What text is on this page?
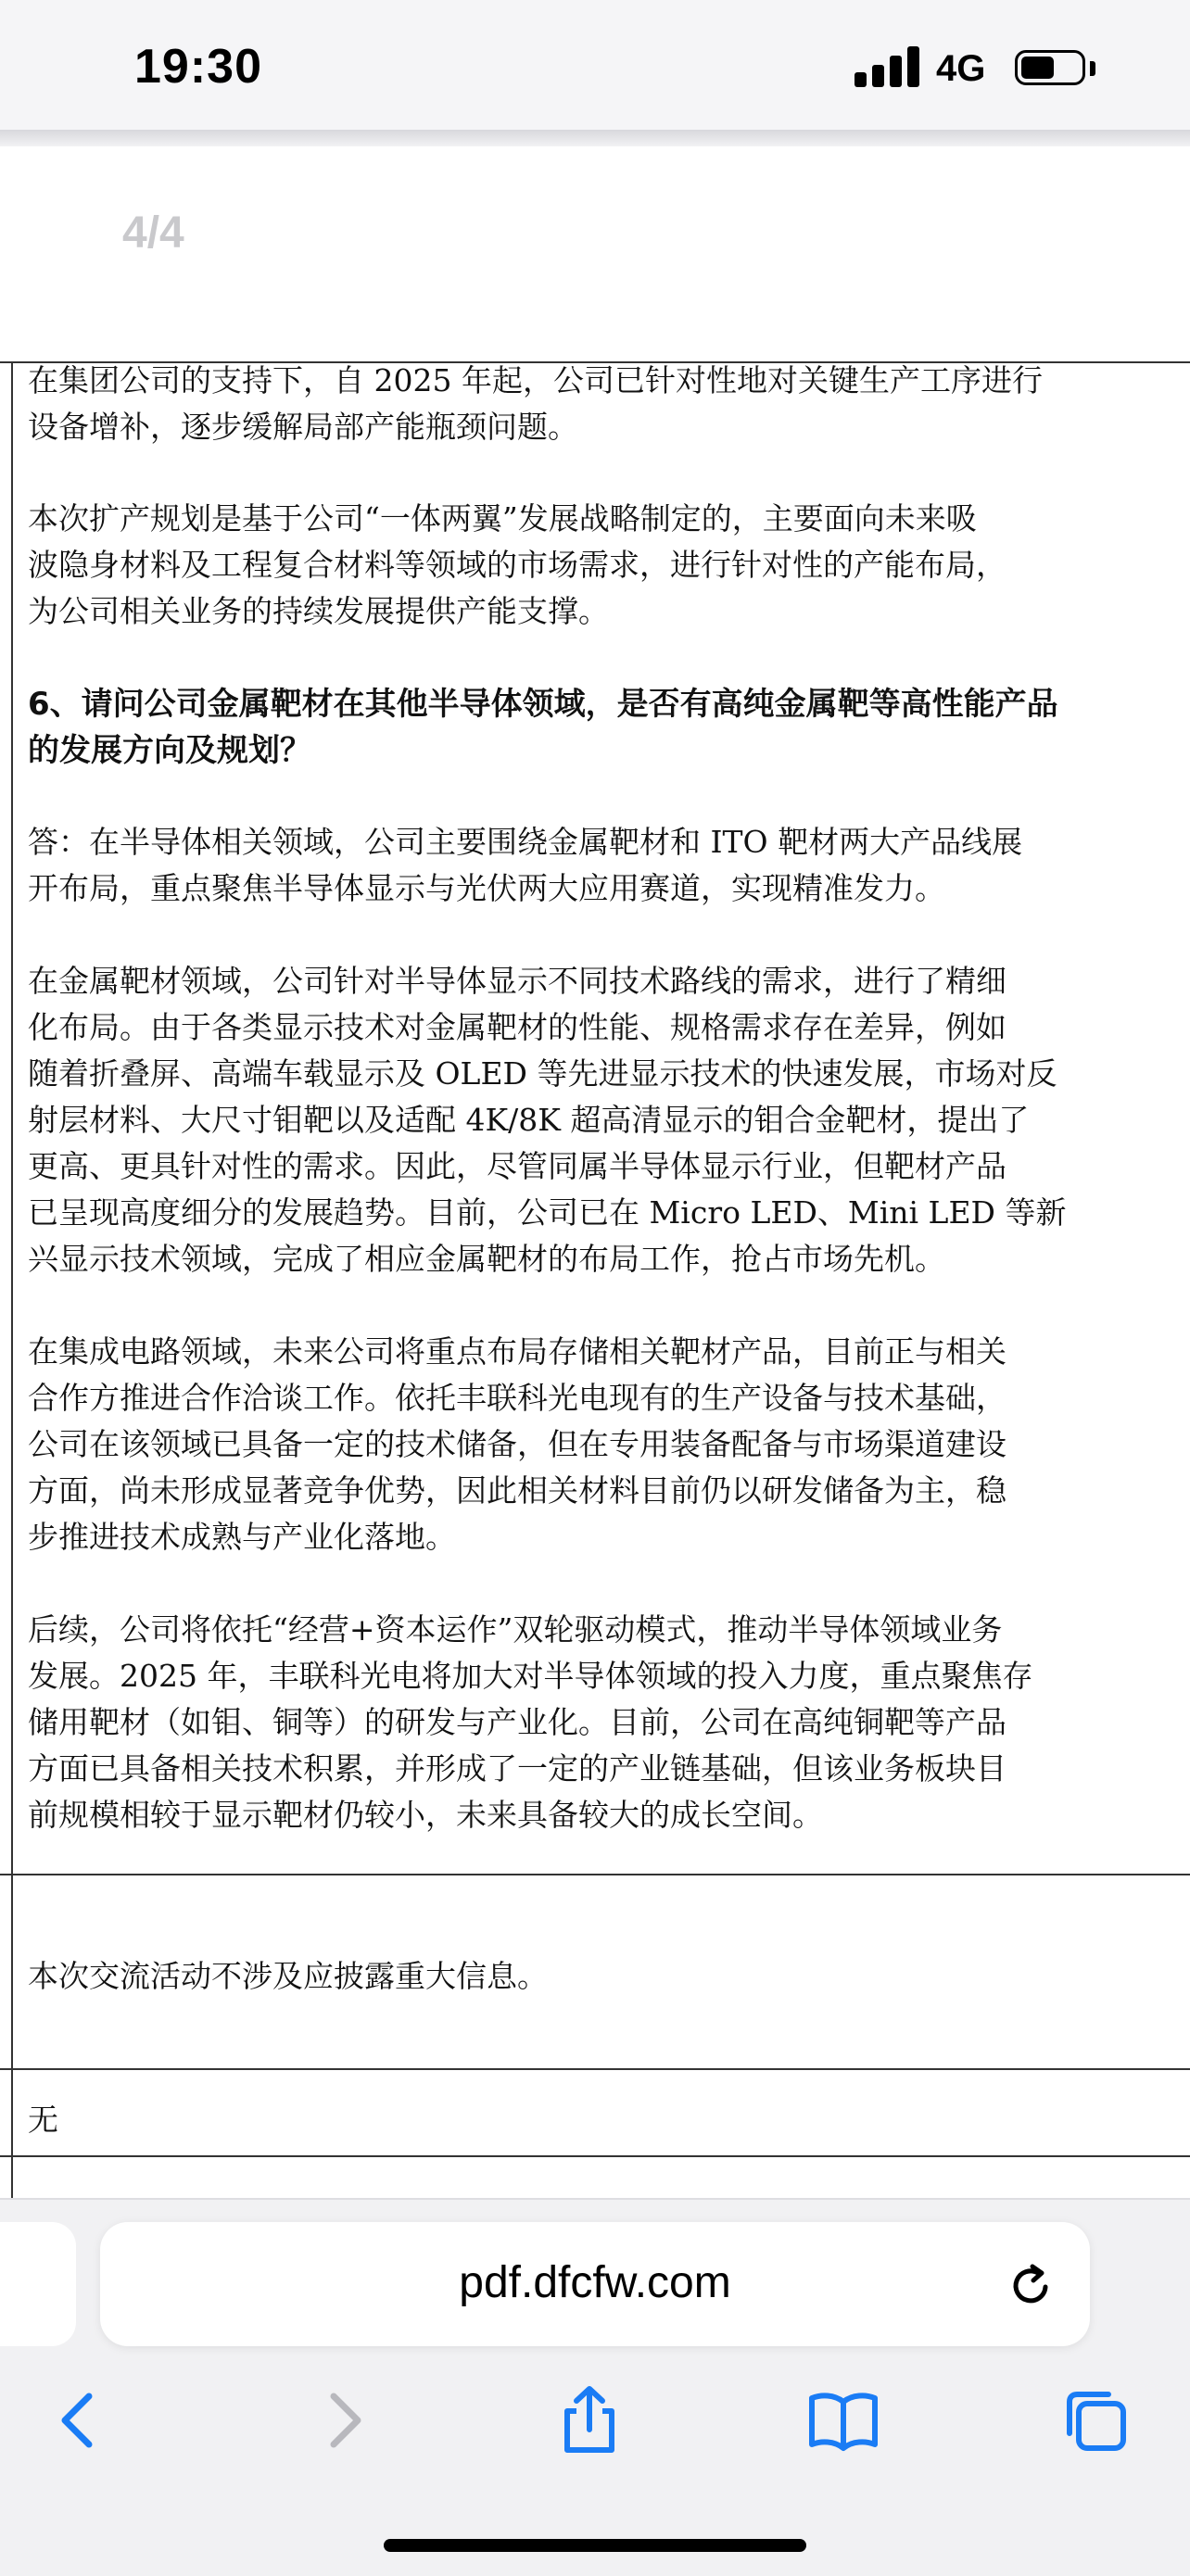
19:30	4G
4/4
在集团公司的支持下，自 2025 年起，公司已针对性地对关键生产工序进行
设备增补，逐步缓解局部产能瓶颈问题。
本次扩产规划是基于公司“一体两翼”发展战略制定的，主要面向未来吸
波隐身材料及工程复合材料等领域的市场需求，进行针对性的产能布局，
为公司相关业务的持续发展提供产能支撑。
6、请问公司金属靶材在其他半导体领域，是否有高纯金属靶等高性能产品
的发展方向及规划？
答：在半导体相关领域，公司主要围绕金属靶材和 ITO 靶材两大产品线展
开布局，重点聚焦半导体显示与光伏两大应用赛道，实现精准发力。
在金属靶材领域，公司针对半导体显示不同技术路线的需求，进行了精细
化布局。由于各类显示技术对金属靶材的性能、规格需求存在差异，例如
随着折叠屏、高端车载显示及 OLED 等先进显示技术的快速发展，市场对反
射层材料、大尺寸钼靶以及适配 4K/8K 超高清显示的钼合金靶材，提出了
更高、更具针对性的需求。因此，尽管同属半导体显示行业，但靶材产品
已呈现高度细分的发展趋势。目前，公司已在 Micro LED、Mini LED 等新
兴显示技术领域，完成了相应金属靶材的布局工作，抢占市场先机。
在集成电路领域，未来公司将重点布局存储相关靶材产品，目前正与相关
合作方推进合作洽谈工作。依托丰联科光电现有的生产设备与技术基础，
公司在该领域已具备一定的技术储备，但在专用装备配备与市场渠道建设
方面，尚未形成显著竞争优势，因此相关材料目前仍以研发储备为主，稳
步推进技术成熟与产业化落地。
后续，公司将依托“经营+资本运作”双轮驱动模式，推动半导体领域业务
发展。2025 年，丰联科光电将加大对半导体领域的投入力度，重点聚焦存
储用靶材（如钼、铜等）的研发与产业化。目前，公司在高纯铜靶等产品
方面已具备相关技术积累，并形成了一定的产业链基础，但该业务板块目
前规模相较于显示靶材仍较小，未来具备较大的成长空间。
本次交流活动不涉及应披露重大信息。
无
pdf.dfcfw.com
